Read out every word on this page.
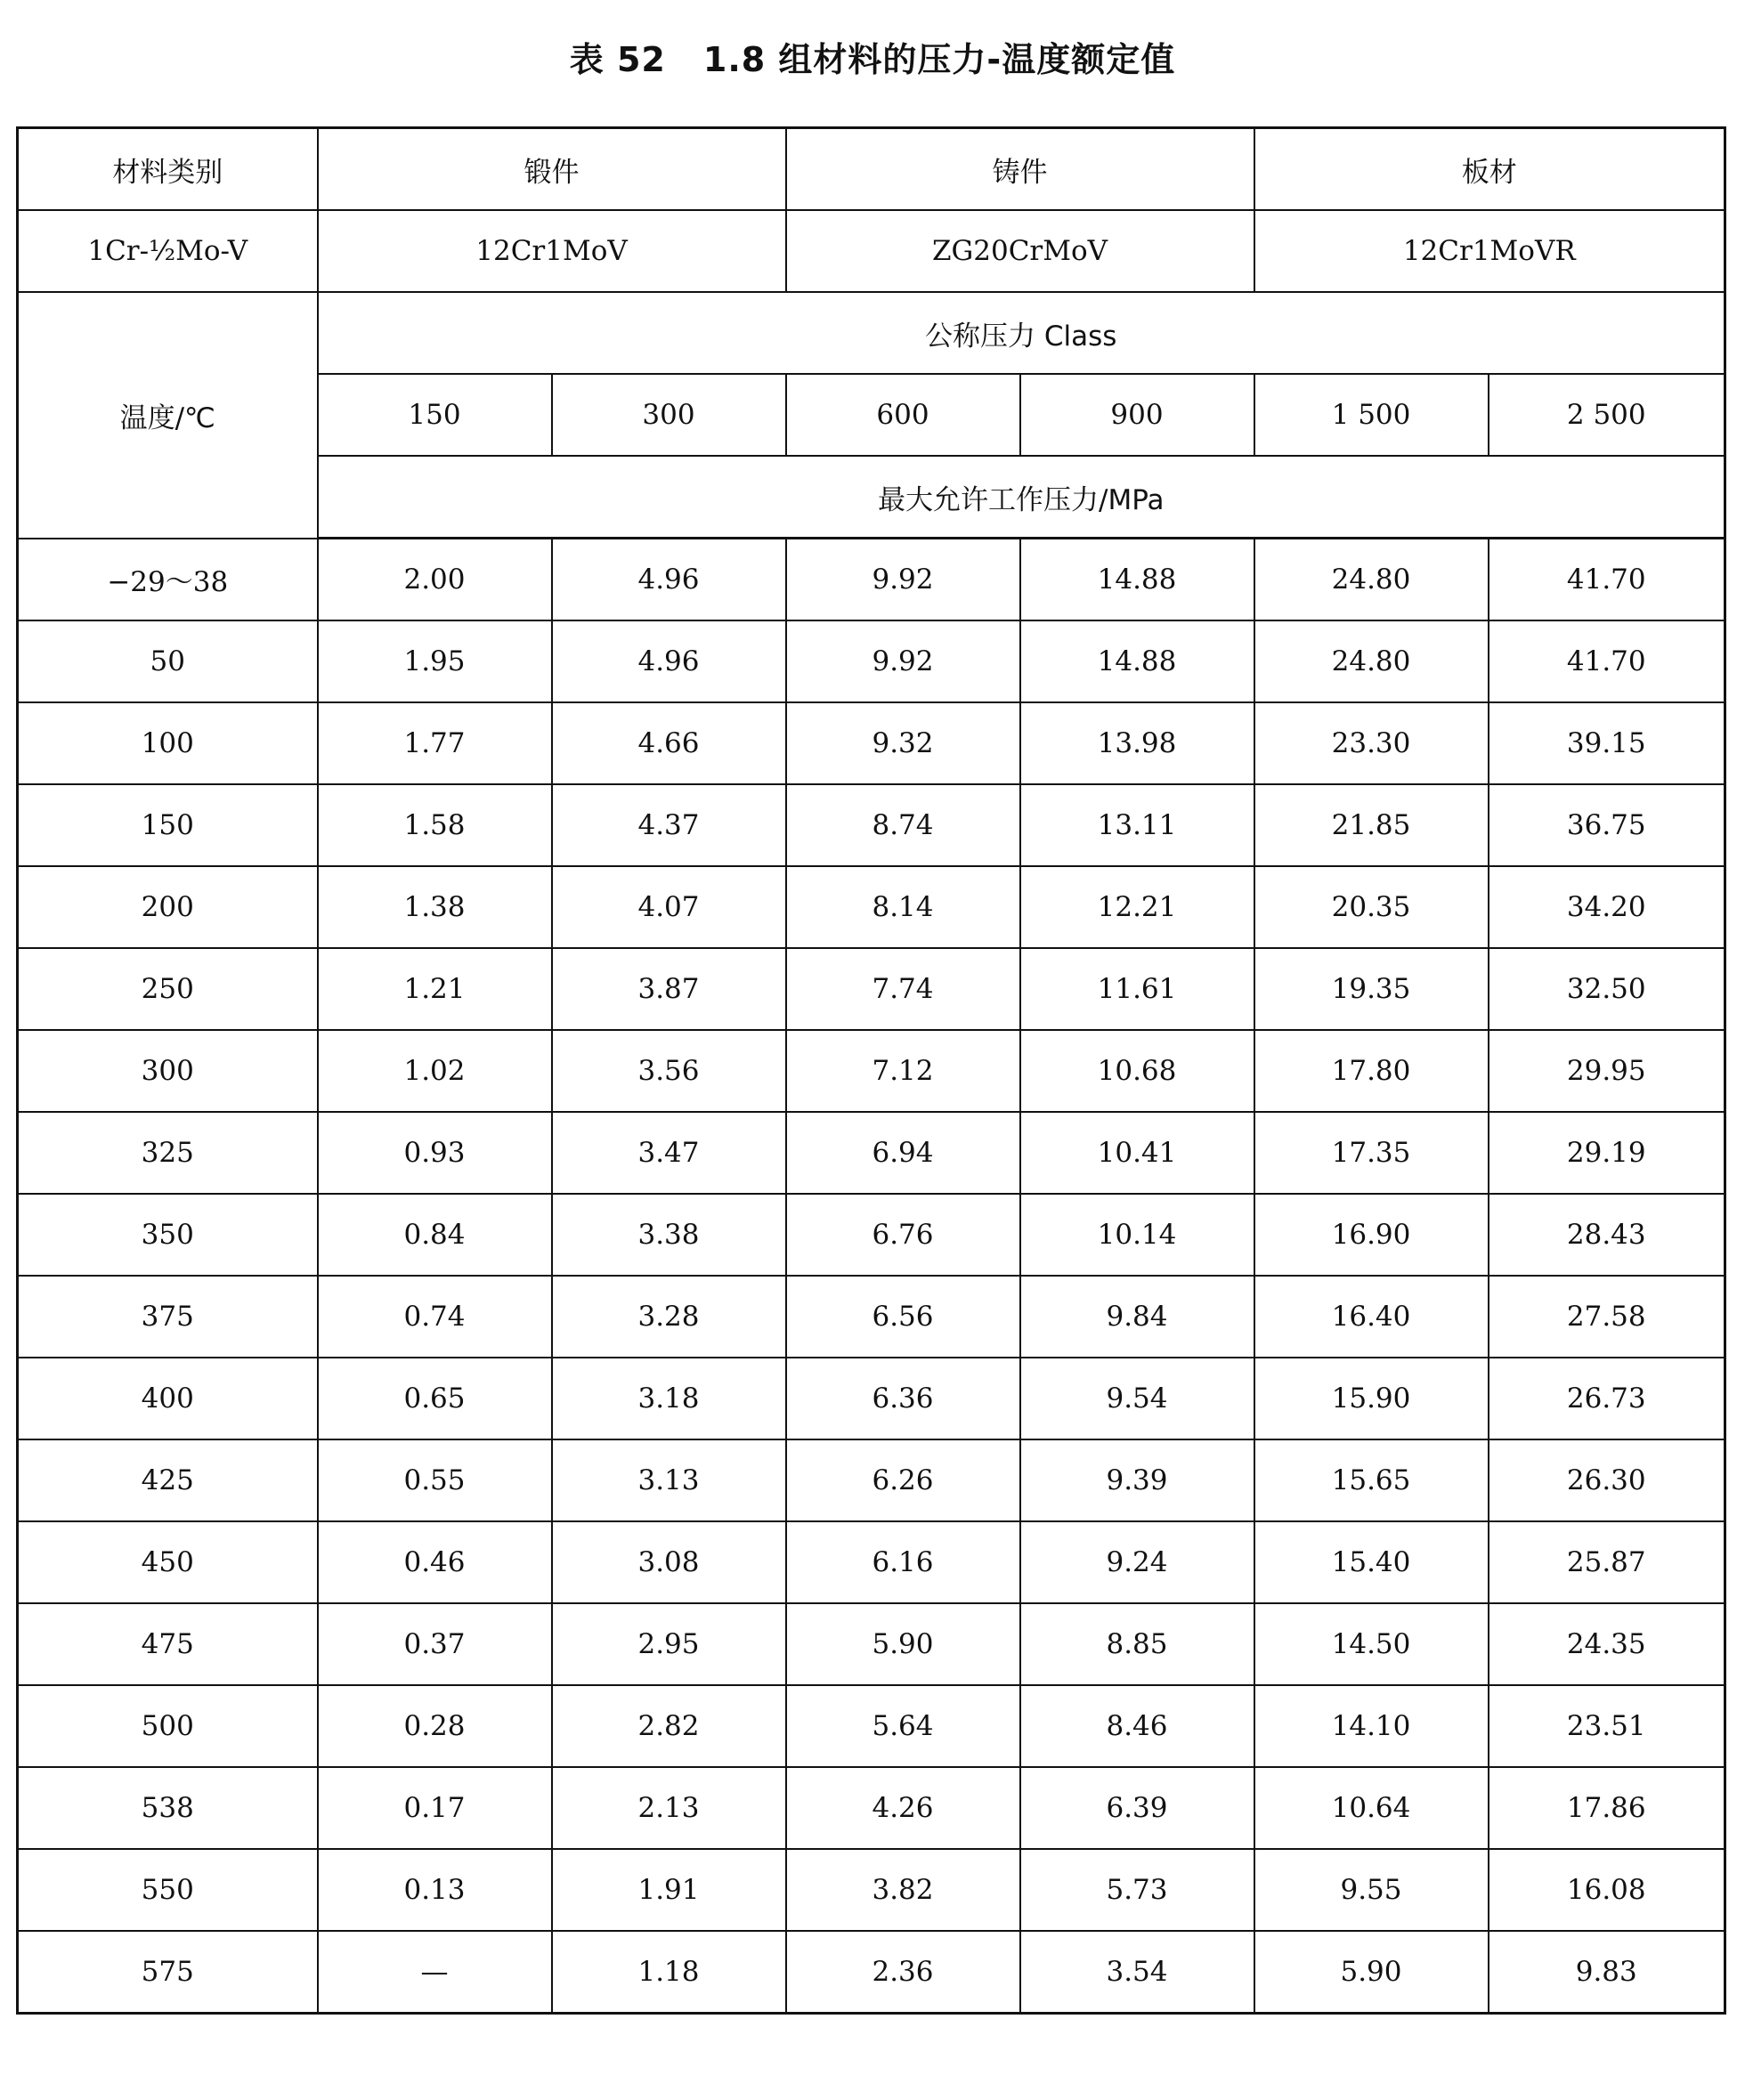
表 52 1.8 组材料的压力-温度额定值
材料类别	锻件		铸件		板材	
1Cr-½Mo-V	12Cr1MoV		ZG20CrMoV		12Cr1MoVR	
温度/℃	公称压力 Class					
	150	300	600	900	1 500	2 500
	最大允许工作压力/MPa					
−29～38	2.00	4.96	9.92	14.88	24.80	41.70
50	1.95	4.96	9.92	14.88	24.80	41.70
100	1.77	4.66	9.32	13.98	23.30	39.15
150	1.58	4.37	8.74	13.11	21.85	36.75
200	1.38	4.07	8.14	12.21	20.35	34.20
250	1.21	3.87	7.74	11.61	19.35	32.50
300	1.02	3.56	7.12	10.68	17.80	29.95
325	0.93	3.47	6.94	10.41	17.35	29.19
350	0.84	3.38	6.76	10.14	16.90	28.43
375	0.74	3.28	6.56	9.84	16.40	27.58
400	0.65	3.18	6.36	9.54	15.90	26.73
425	0.55	3.13	6.26	9.39	15.65	26.30
450	0.46	3.08	6.16	9.24	15.40	25.87
475	0.37	2.95	5.90	8.85	14.50	24.35
500	0.28	2.82	5.64	8.46	14.10	23.51
538	0.17	2.13	4.26	6.39	10.64	17.86
550	0.13	1.91	3.82	5.73	9.55	16.08
575	—	1.18	2.36	3.54	5.90	9.83
